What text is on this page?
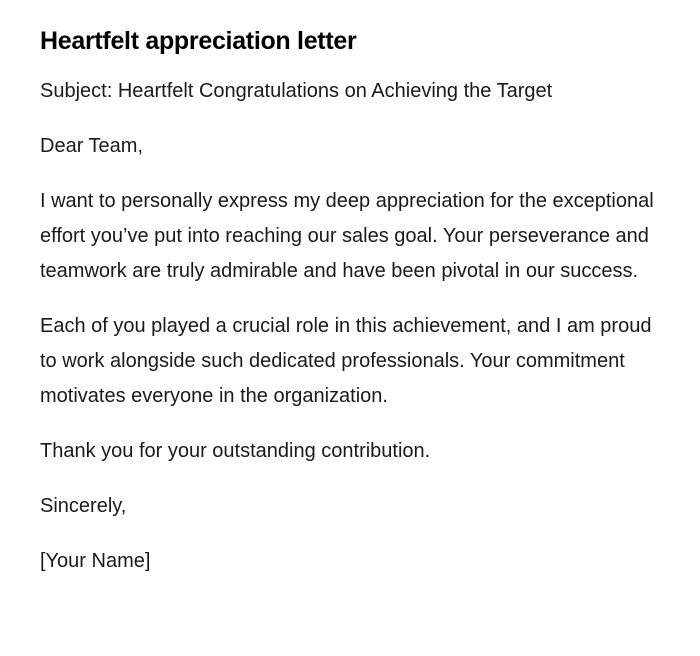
Heartfelt appreciation letter

Subject: Heartfelt Congratulations on Achieving the Target

Dear Team,

I want to personally express my deep appreciation for the exceptional effort you’ve put into reaching our sales goal. Your perseverance and teamwork are truly admirable and have been pivotal in our success.

Each of you played a crucial role in this achievement, and I am proud to work alongside such dedicated professionals. Your commitment motivates everyone in the organization.

Thank you for your outstanding contribution.

Sincerely,

[Your Name]
